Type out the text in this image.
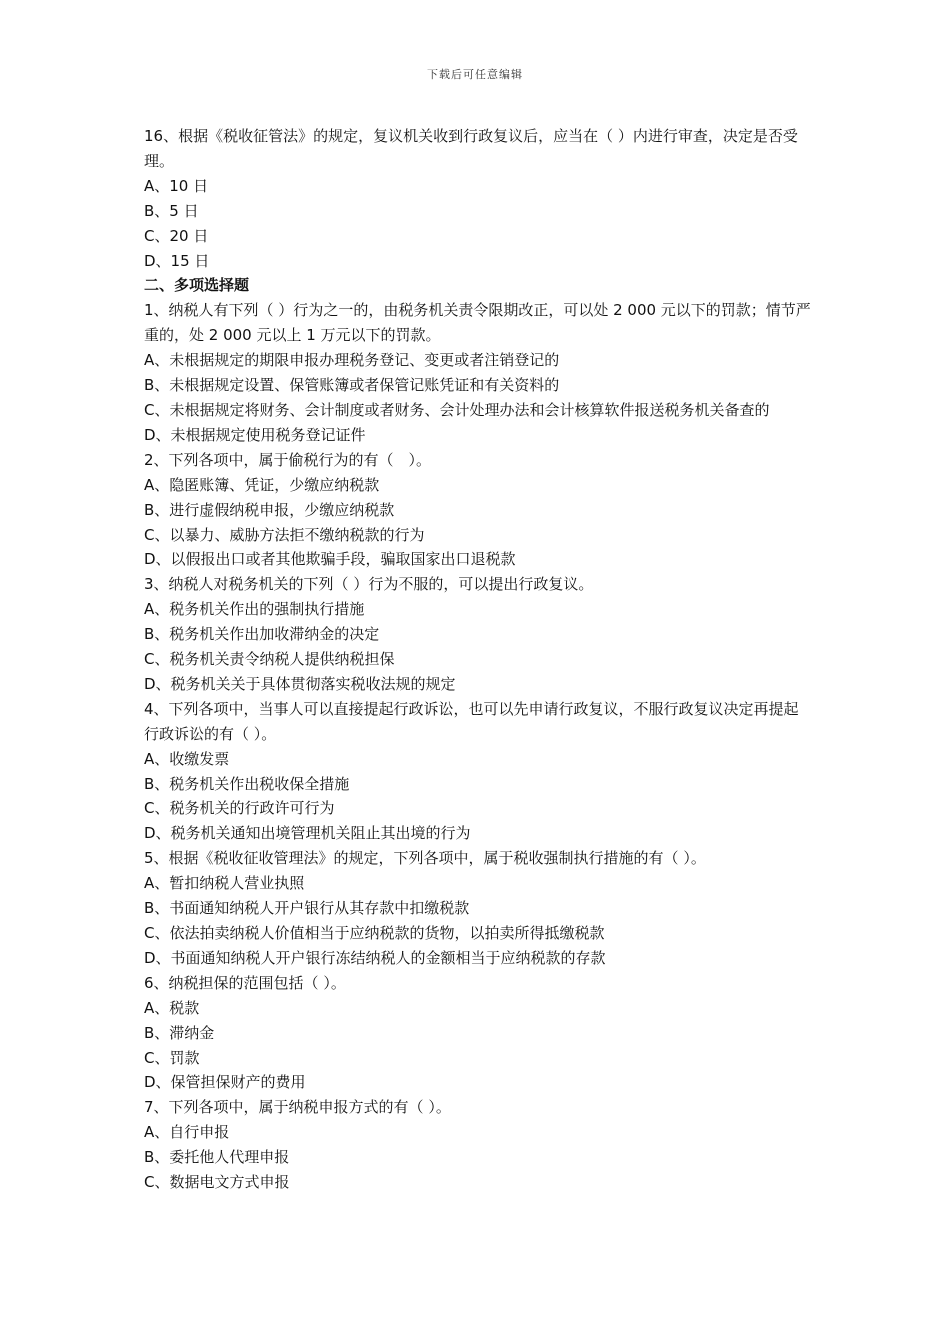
下载后可任意编辑
16、根据《税收征管法》的规定，复议机关收到行政复议后，应当在（ ）内进行审查，决定是否受理。
A、10 日
B、5 日
C、20 日
D、15 日
二、多项选择题
1、纳税人有下列（ ）行为之一的，由税务机关责令限期改正，可以处 2 000 元以下的罚款；情节严重的，处 2 000 元以上 1 万元以下的罚款。
A、未根据规定的期限申报办理税务登记、变更或者注销登记的
B、未根据规定设置、保管账簿或者保管记账凭证和有关资料的
C、未根据规定将财务、会计制度或者财务、会计处理办法和会计核算软件报送税务机关备查的
D、未根据规定使用税务登记证件
2、下列各项中，属于偷税行为的有（　）。
A、隐匿账簿、凭证，少缴应纳税款
B、进行虚假纳税申报，少缴应纳税款
C、以暴力、威胁方法拒不缴纳税款的行为
D、以假报出口或者其他欺骗手段，骗取国家出口退税款
3、纳税人对税务机关的下列（ ）行为不服的，可以提出行政复议。
A、税务机关作出的强制执行措施
B、税务机关作出加收滞纳金的决定
C、税务机关责令纳税人提供纳税担保
D、税务机关关于具体贯彻落实税收法规的规定
4、下列各项中，当事人可以直接提起行政诉讼，也可以先申请行政复议，不服行政复议决定再提起行政诉讼的有（ ）。
A、收缴发票
B、税务机关作出税收保全措施
C、税务机关的行政许可行为
D、税务机关通知出境管理机关阻止其出境的行为
5、根据《税收征收管理法》的规定，下列各项中，属于税收强制执行措施的有（ ）。
A、暂扣纳税人营业执照
B、书面通知纳税人开户银行从其存款中扣缴税款
C、依法拍卖纳税人价值相当于应纳税款的货物，以拍卖所得抵缴税款
D、书面通知纳税人开户银行冻结纳税人的金额相当于应纳税款的存款
6、纳税担保的范围包括（ ）。
A、税款
B、滞纳金
C、罚款
D、保管担保财产的费用
7、下列各项中，属于纳税申报方式的有（ ）。
A、自行申报
B、委托他人代理申报
C、数据电文方式申报
